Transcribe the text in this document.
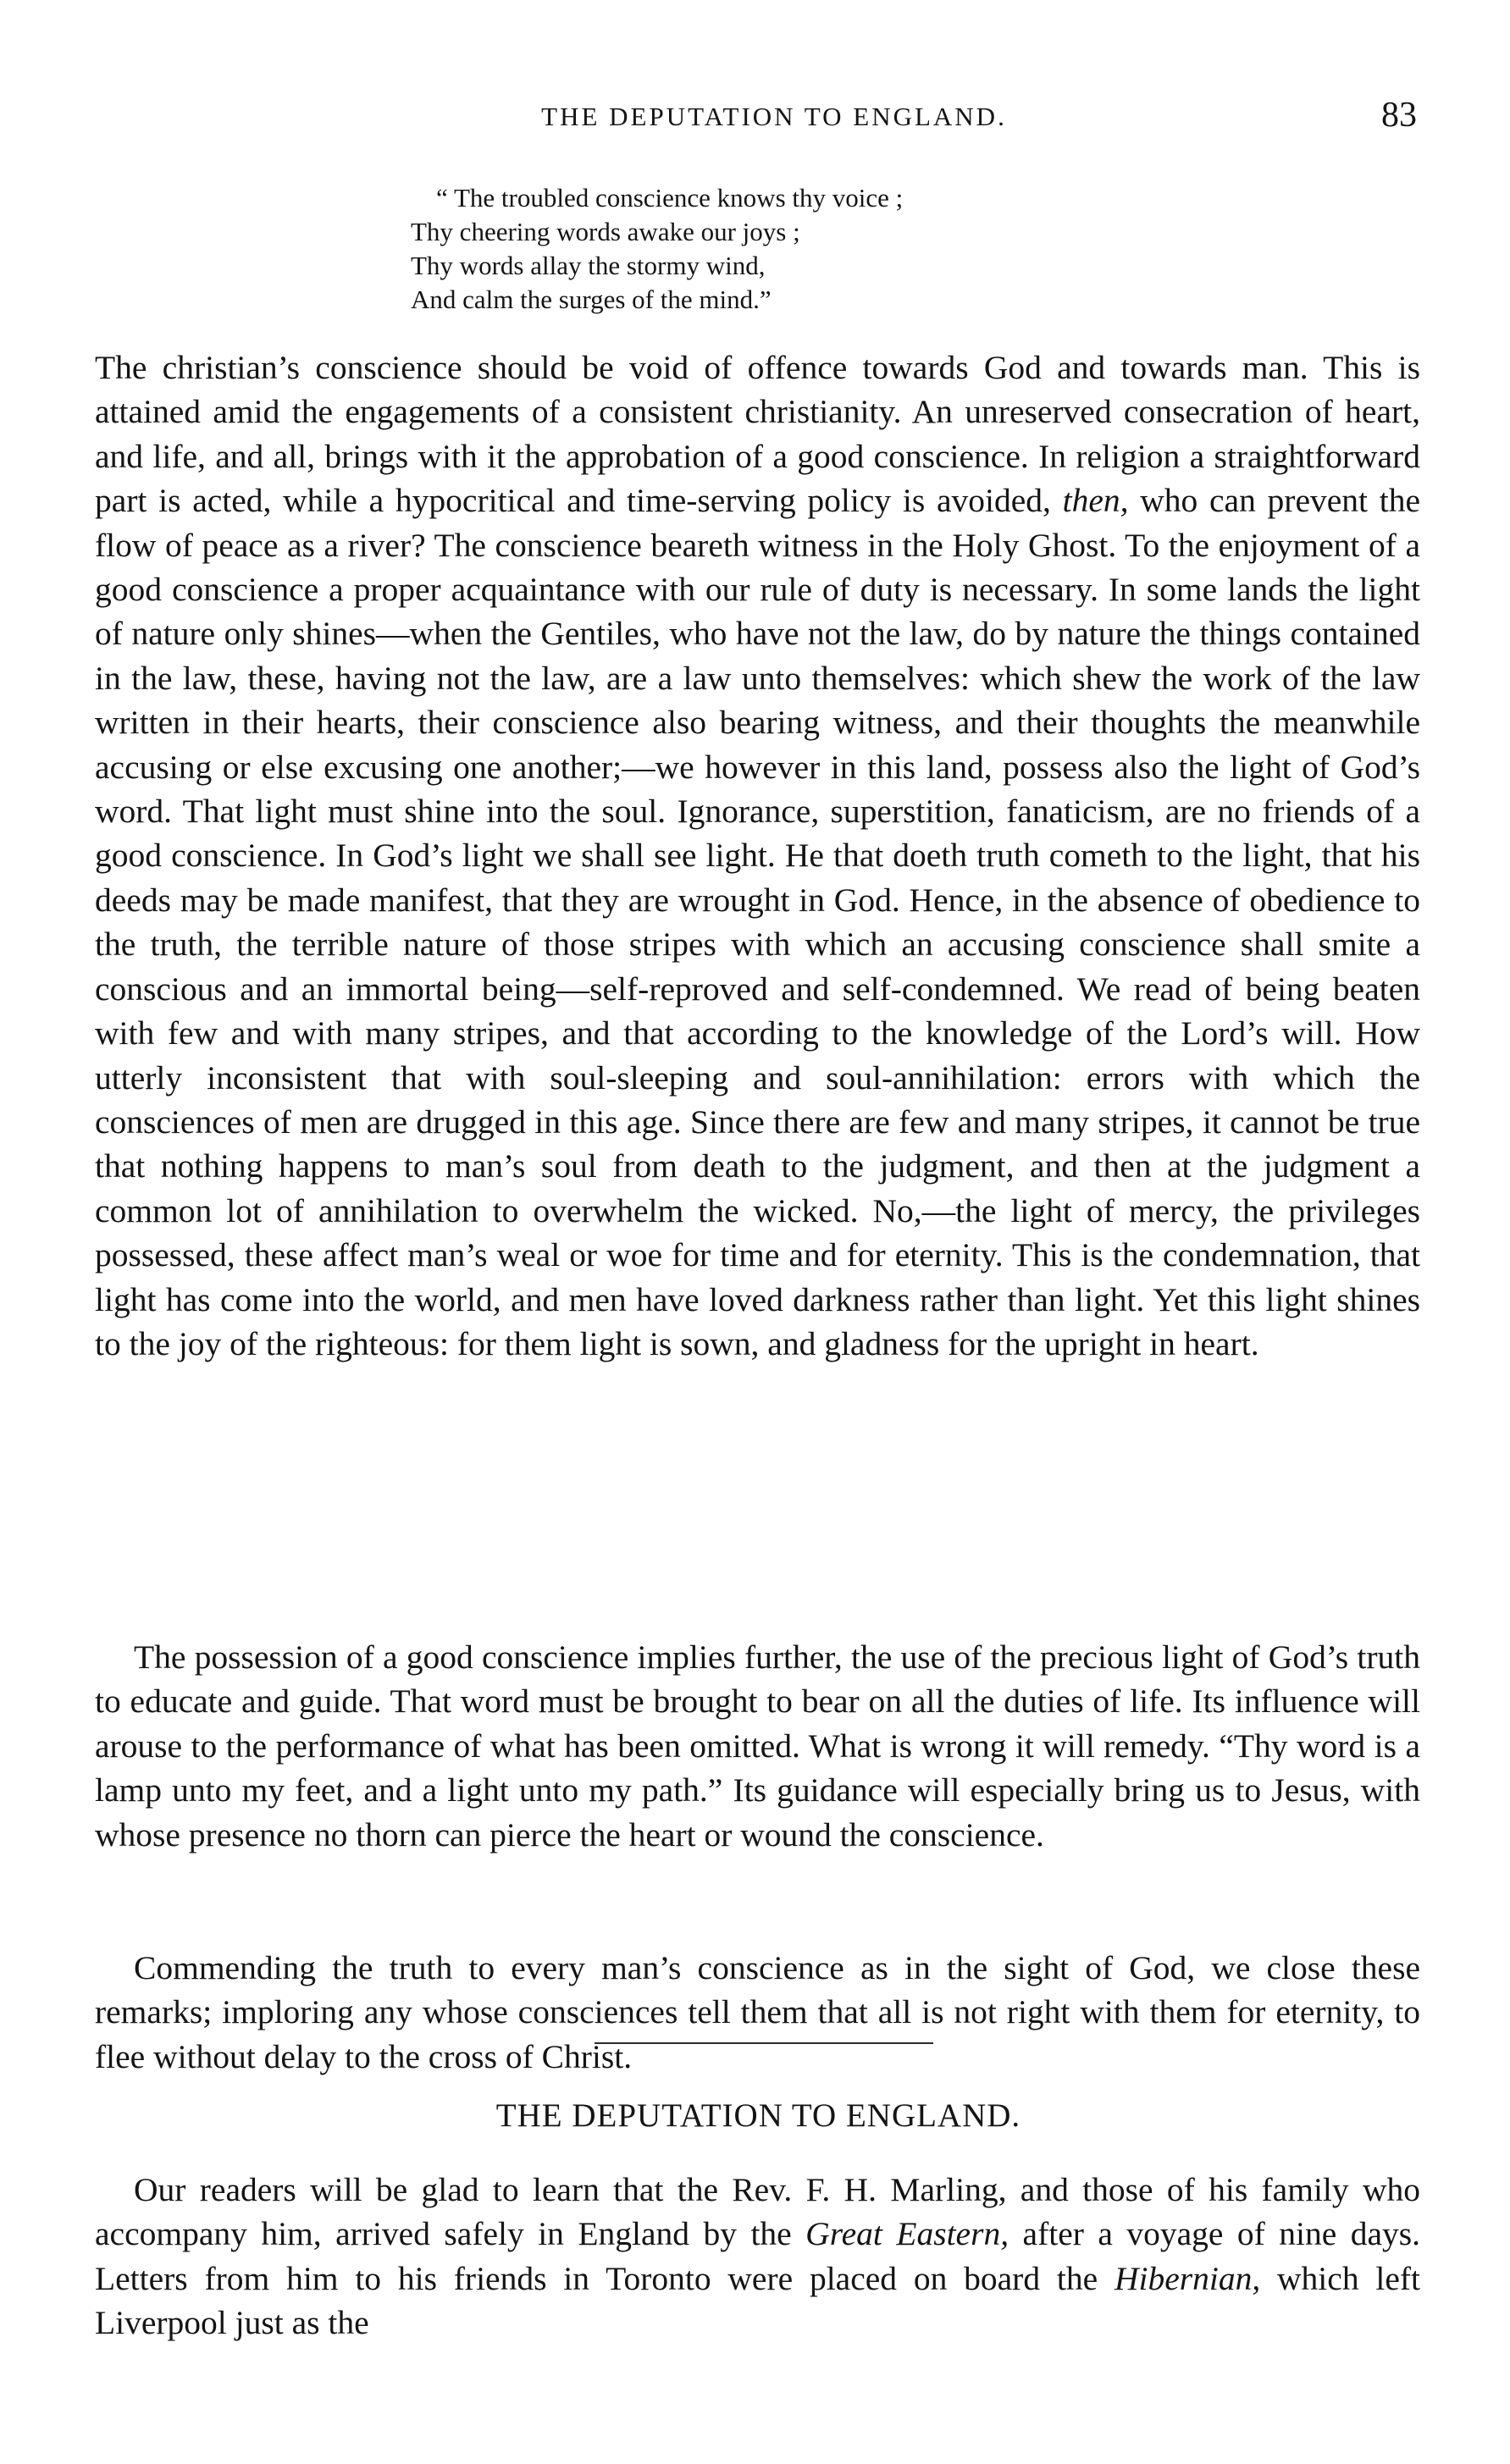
THE DEPUTATION TO ENGLAND.	83
“ The troubled conscience knows thy voice ;
Thy cheering words awake our joys ;
Thy words allay the stormy wind,
And calm the surges of the mind.”

The christian’s conscience should be void of offence towards God and towards man. This is attained amid the engagements of a consistent christianity. An unreserved consecration of heart, and life, and all, brings with it the approbation of a good conscience. In religion a straightforward part is acted, while a hypocritical and time-serving policy is avoided, then, who can prevent the flow of peace as a river? The conscience beareth witness in the Holy Ghost. To the enjoyment of a good conscience a proper acquaintance with our rule of duty is necessary. In some lands the light of nature only shines—when the Gentiles, who have not the law, do by nature the things contained in the law, these, having not the law, are a law unto themselves: which shew the work of the law written in their hearts, their conscience also bearing witness, and their thoughts the meanwhile accusing or else excusing one another;—we however in this land, possess also the light of God’s word. That light must shine into the soul. Ignorance, superstition, fanaticism, are no friends of a good conscience. In God’s light we shall see light. He that doeth truth cometh to the light, that his deeds may be made manifest, that they are wrought in God. Hence, in the absence of obedience to the truth, the terrible nature of those stripes with which an accusing conscience shall smite a conscious and an immortal being—self-reproved and self-condemned. We read of being beaten with few and with many stripes, and that according to the knowledge of the Lord’s will. How utterly inconsistent that with soul-sleeping and soul-annihilation: errors with which the consciences of men are drugged in this age. Since there are few and many stripes, it cannot be true that nothing happens to man’s soul from death to the judgment, and then at the judgment a common lot of annihilation to overwhelm the wicked. No,—the light of mercy, the privileges possessed, these affect man’s weal or woe for time and for eternity. This is the condemnation, that light has come into the world, and men have loved darkness rather than light. Yet this light shines to the joy of the righteous: for them light is sown, and gladness for the upright in heart.

The possession of a good conscience implies further, the use of the precious light of God’s truth to educate and guide. That word must be brought to bear on all the duties of life. Its influence will arouse to the performance of what has been omitted. What is wrong it will remedy. “Thy word is a lamp unto my feet, and a light unto my path.” Its guidance will especially bring us to Jesus, with whose presence no thorn can pierce the heart or wound the conscience.

Commending the truth to every man’s conscience as in the sight of God, we close these remarks; imploring any whose consciences tell them that all is not right with them for eternity, to flee without delay to the cross of Christ.

THE DEPUTATION TO ENGLAND.

Our readers will be glad to learn that the Rev. F. H. Marling, and those of his family who accompany him, arrived safely in England by the Great Eastern, after a voyage of nine days. Letters from him to his friends in Toronto were placed on board the Hibernian, which left Liverpool just as the
